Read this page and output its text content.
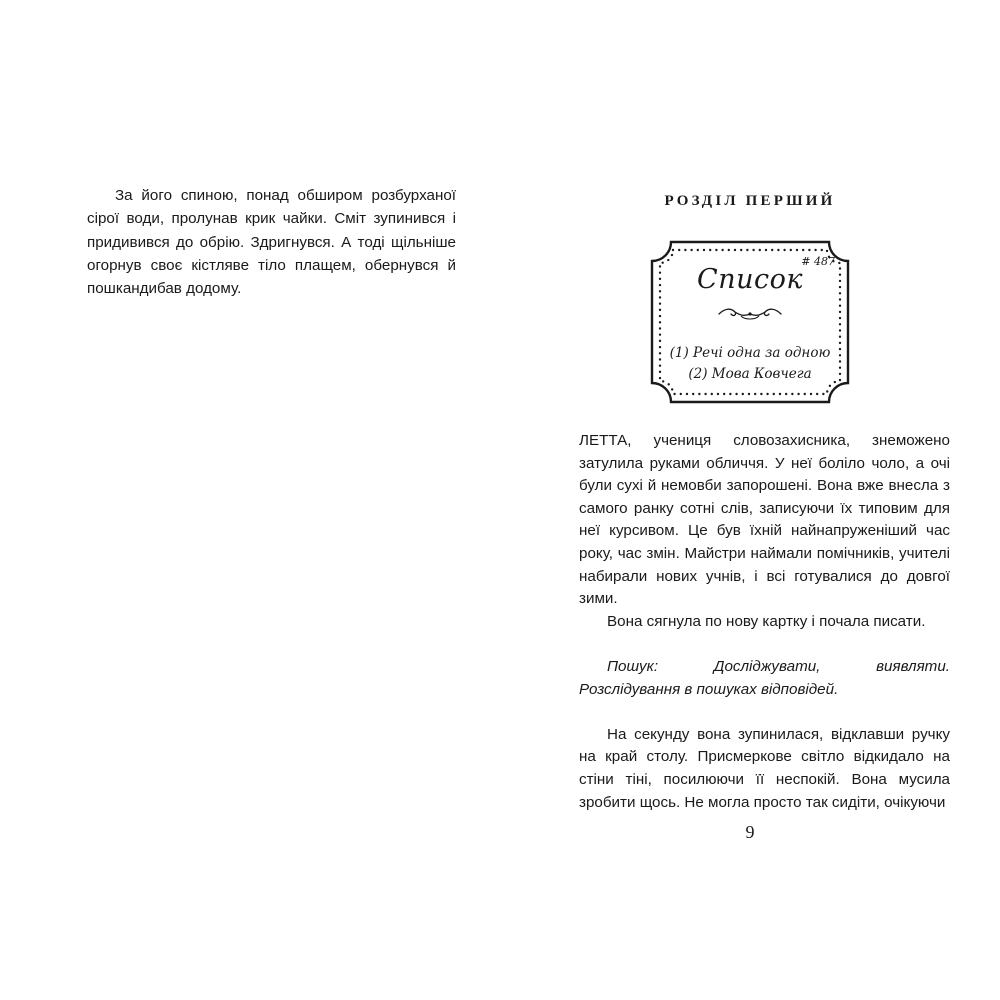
За його спиною, понад обширом розбурханої сірої води, пролунав крик чайки. Сміт зупинився і придивився до обрію. Здригнувся. А тоді щільніше огорнув своє кістляве тіло плащем, обернувся й пошкандибав додому.

РОЗДІЛ ПЕРШИЙ
# 487
Список
(1) Речі одна за одною
(2) Мова Ковчега

ЛЕТТА, учениця словозахисника, знеможено затулила руками обличчя. У неї боліло чоло, а очі були сухі й немовби запорошені. Вона вже внесла з самого ранку сотні слів, записуючи їх типовим для неї курсивом. Це був їхній найнапруженіший час року, час змін. Майстри наймали помічників, учителі набирали нових учнів, і всі готувалися до довгої зими.

Вона сягнула по нову картку і почала писати.

Пошук: Досліджувати, виявляти. Розслідування в пошуках відповідей.

На секунду вона зупинилася, відклавши ручку на край столу. Присмеркове світло відкидало на стіни тіні, посилюючи її неспокій. Вона мусила зробити щось. Не могла просто так сидіти, очікуючи

9
